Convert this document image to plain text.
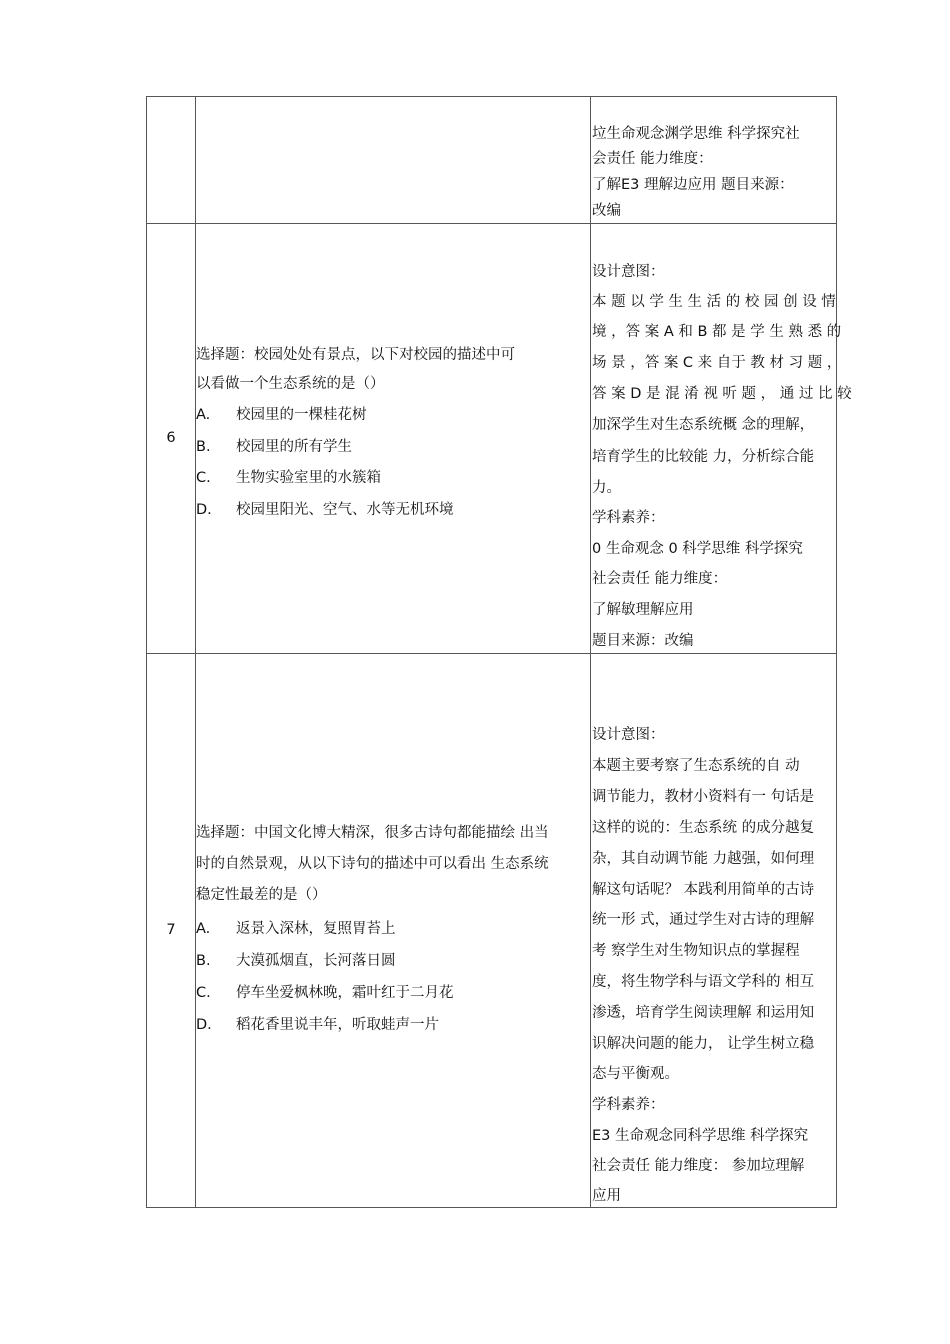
垃生命观念渊学思维 科学探究社
会责任 能力维度：
了解E3 理解边应用 题目来源：
改编
6
选择题：校园处处有景点，以下对校园的描述中可
以看做一个生态系统的是（）
A. 校园里的一棵桂花树
B. 校园里的所有学生
C. 生物实验室里的水簇箱
D. 校园里阳光、空气、水等无机环境
设计意图：
本 题 以 学 生 生 活 的 校 园 创 设 情
境 ，答 案 A 和 B 都 是 学 生 熟 悉 的
场 景 ，答 案 C 来 自于 教 材 习 题 ，
答 案 D 是 混 淆 视 听 题 ， 通 过 比 较
加深学生对生态系统概 念的理解，
培育学生的比较能 力，分析综合能
力。
学科素养：
0 生命观念 0 科学思维 科学探究
社会责任 能力维度：
了解敏理解应用
题目来源：改编
7
选择题：中国文化博大精深，很多古诗句都能描绘 出当
时的自然景观，从以下诗句的描述中可以看出 生态系统
稳定性最差的是（）
A. 返景入深林，复照胃苔上
B. 大漠孤烟直，长河落日圆
C. 停车坐爱枫林晚，霜叶红于二月花
D. 稻花香里说丰年，听取蛙声一片
设计意图：
本题主要考察了生态系统的自 动
调节能力，教材小资料有一 句话是
这样的说的：生态系统 的成分越复
杂，其自动调节能 力越强，如何理
解这句话呢？ 本践利用简单的古诗
统一形 式，通过学生对古诗的理解
考 察学生对生物知识点的掌握程
度，将生物学科与语文学科的 相互
渗透，培育学生阅读理解 和运用知
识解决问题的能力， 让学生树立稳
态与平衡观。
学科素养：
E3 生命观念同科学思维 科学探究
社会责任 能力维度： 参加垃理解
应用
